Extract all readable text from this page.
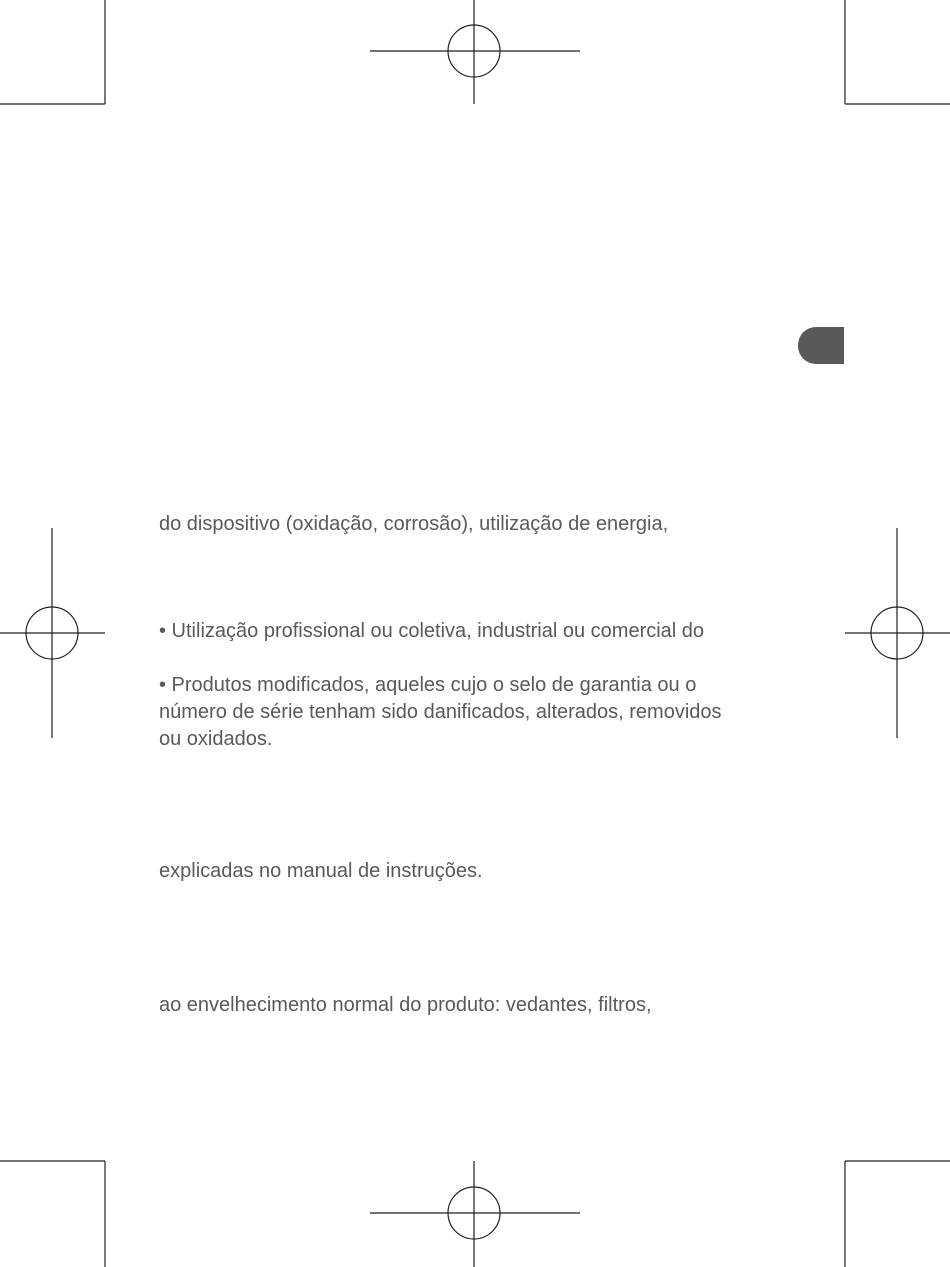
do dispositivo (oxidação, corrosão), utilização de energia,

• Utilização profissional ou coletiva, industrial ou comercial do

• Produtos modificados, aqueles cujo o selo de garantia ou o

número de série tenham sido danificados, alterados, removidos

ou oxidados.

explicadas no manual de instruções.

ao envelhecimento normal do produto: vedantes, filtros,
